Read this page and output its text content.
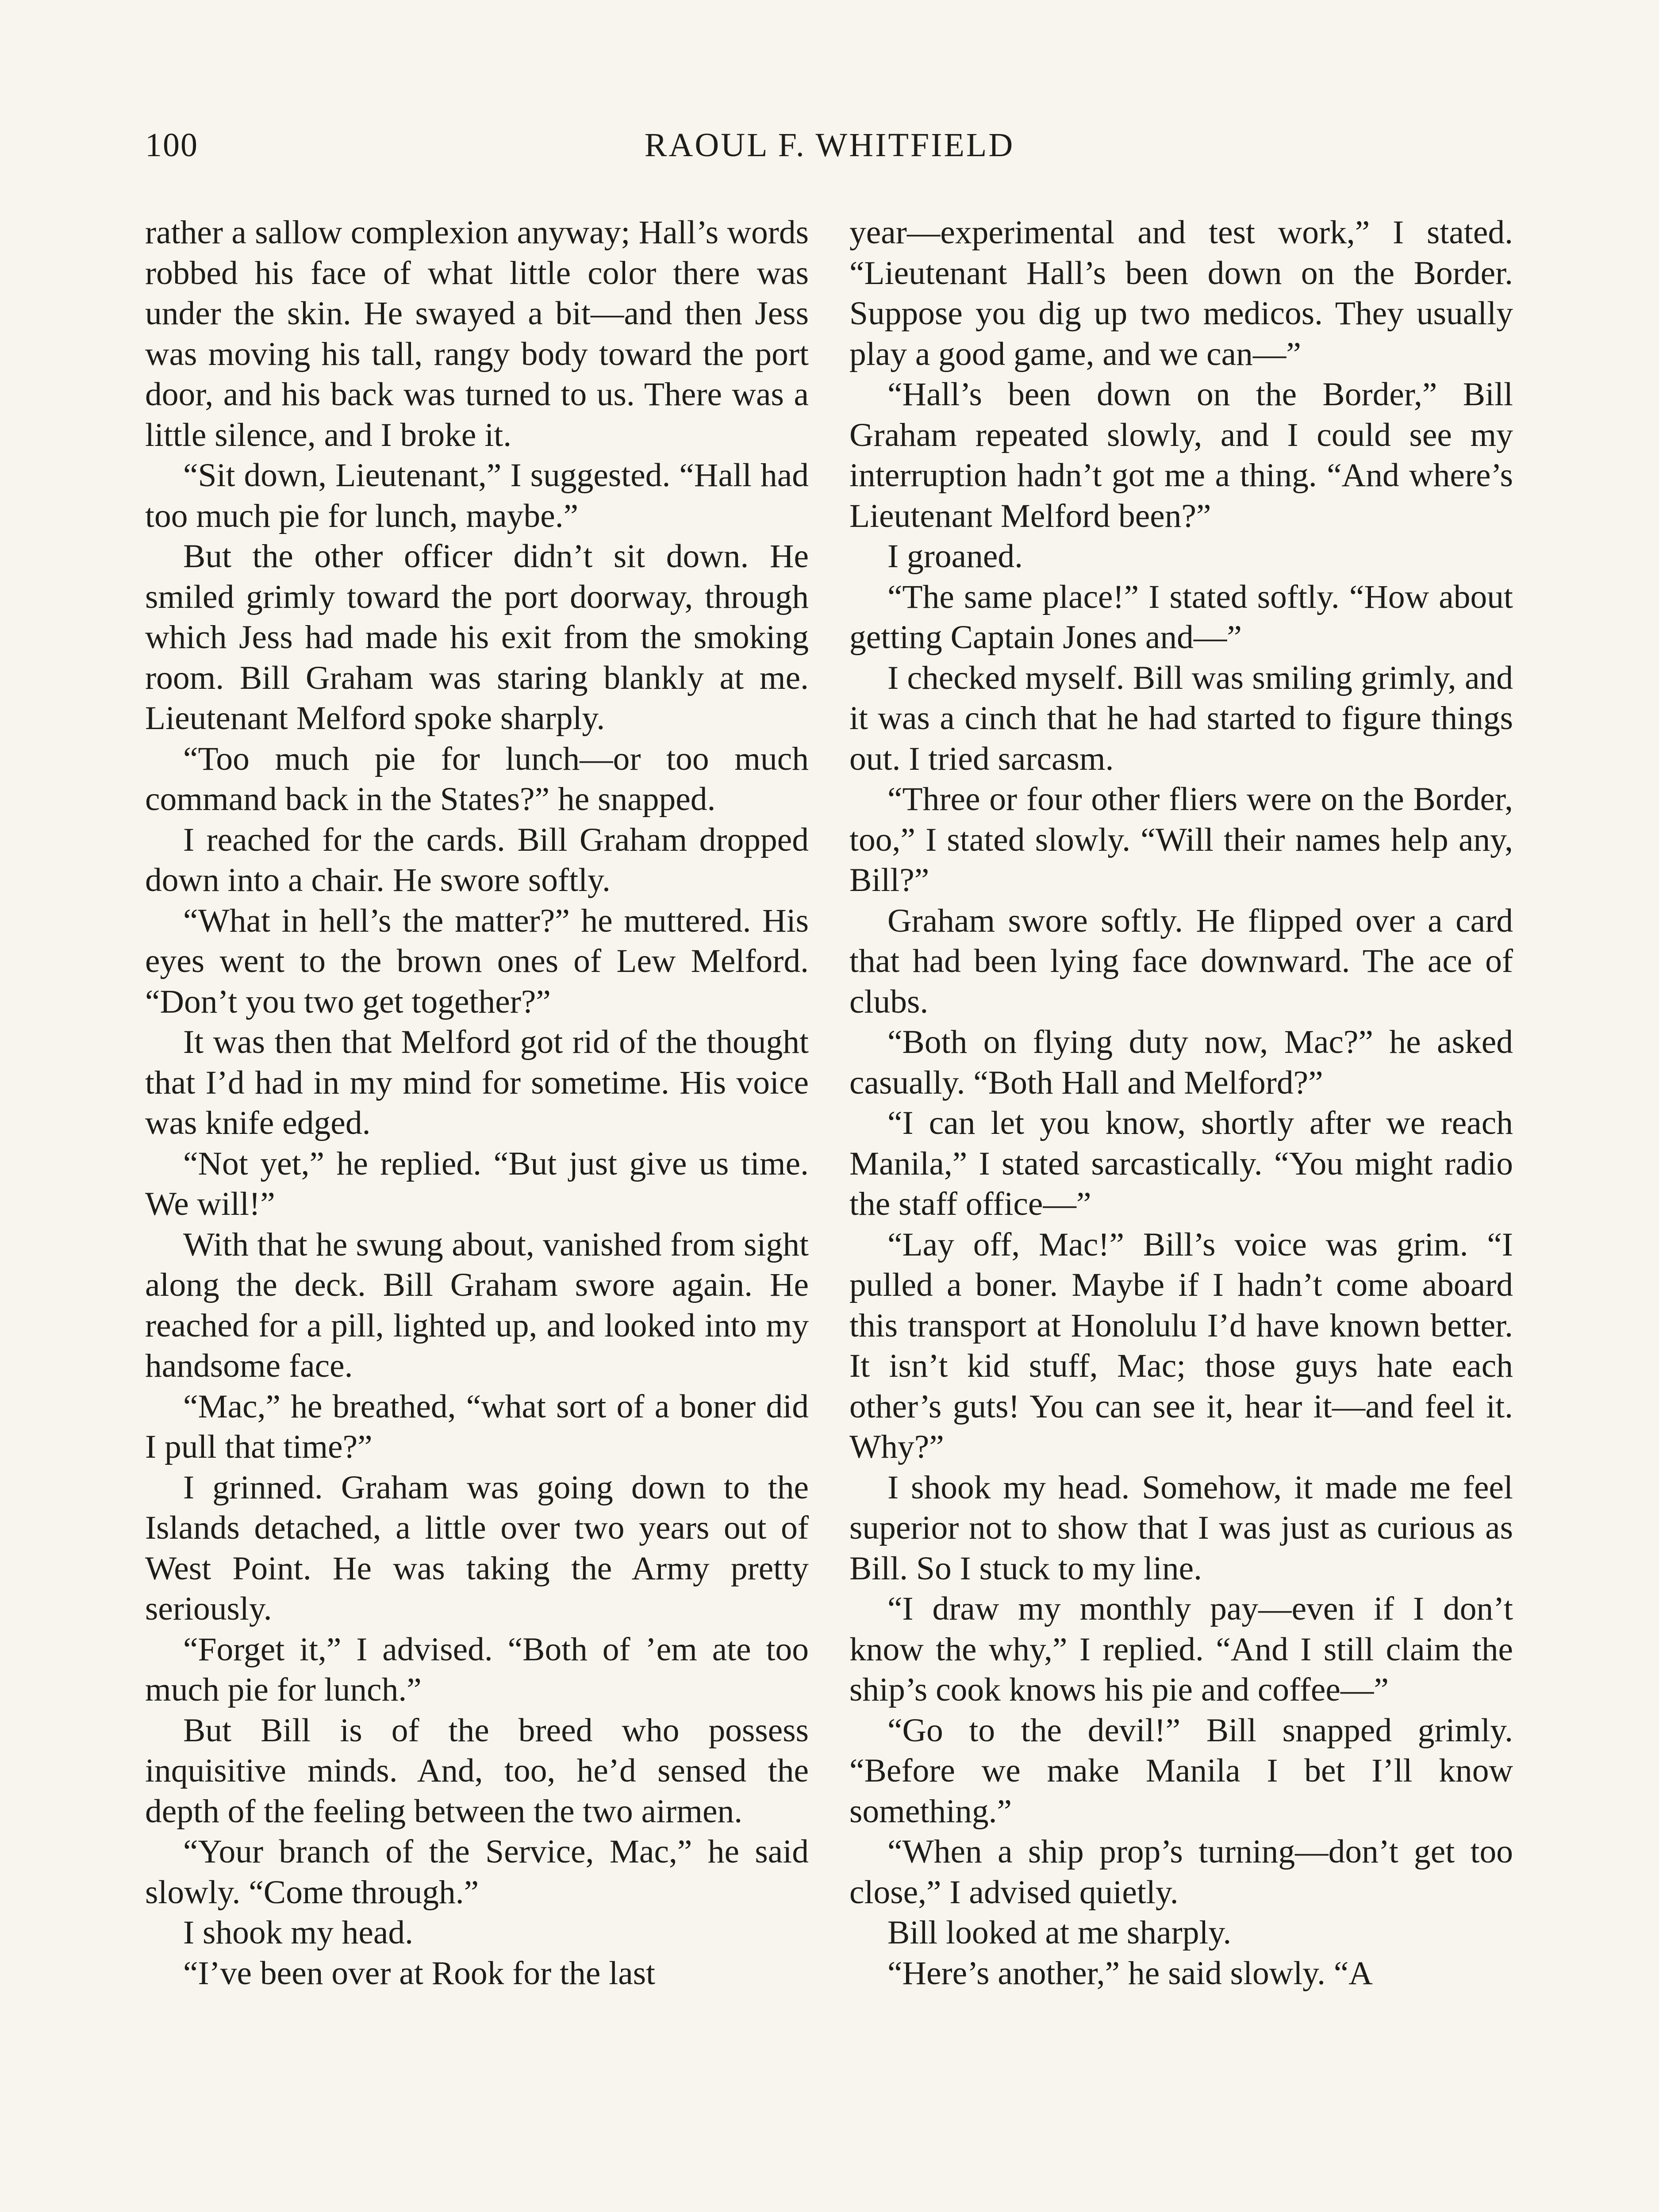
100	RAOUL F. WHITFIELD

rather a sallow complexion anyway; Hall’s words robbed his face of what little color there was under the skin. He swayed a bit—and then Jess was moving his tall, rangy body toward the port door, and his back was turned to us. There was a little silence, and I broke it.

“Sit down, Lieutenant,” I suggested. “Hall had too much pie for lunch, maybe.”

But the other officer didn’t sit down. He smiled grimly toward the port doorway, through which Jess had made his exit from the smoking room. Bill Graham was staring blankly at me. Lieutenant Melford spoke sharply.

“Too much pie for lunch—or too much command back in the States?” he snapped.

I reached for the cards. Bill Graham dropped down into a chair. He swore softly.

“What in hell’s the matter?” he muttered. His eyes went to the brown ones of Lew Melford. “Don’t you two get together?”

It was then that Melford got rid of the thought that I’d had in my mind for sometime. His voice was knife edged.

“Not yet,” he replied. “But just give us time. We will!”

With that he swung about, vanished from sight along the deck. Bill Graham swore again. He reached for a pill, lighted up, and looked into my handsome face.

“Mac,” he breathed, “what sort of a boner did I pull that time?”

I grinned. Graham was going down to the Islands detached, a little over two years out of West Point. He was taking the Army pretty seriously.

“Forget it,” I advised. “Both of ’em ate too much pie for lunch.”

But Bill is of the breed who possess inquisitive minds. And, too, he’d sensed the depth of the feeling between the two airmen.

“Your branch of the Service, Mac,” he said slowly. “Come through.”

I shook my head.

“I’ve been over at Rook for the last

year—experimental and test work,” I stated. “Lieutenant Hall’s been down on the Border. Suppose you dig up two medicos. They usually play a good game, and we can—”

“Hall’s been down on the Border,” Bill Graham repeated slowly, and I could see my interruption hadn’t got me a thing. “And where’s Lieutenant Melford been?”

I groaned.

“The same place!” I stated softly. “How about getting Captain Jones and—”

I checked myself. Bill was smiling grimly, and it was a cinch that he had started to figure things out. I tried sarcasm.

“Three or four other fliers were on the Border, too,” I stated slowly. “Will their names help any, Bill?”

Graham swore softly. He flipped over a card that had been lying face downward. The ace of clubs.

“Both on flying duty now, Mac?” he asked casually. “Both Hall and Melford?”

“I can let you know, shortly after we reach Manila,” I stated sarcastically. “You might radio the staff office—”

“Lay off, Mac!” Bill’s voice was grim. “I pulled a boner. Maybe if I hadn’t come aboard this transport at Honolulu I’d have known better. It isn’t kid stuff, Mac; those guys hate each other’s guts! You can see it, hear it—and feel it. Why?”

I shook my head. Somehow, it made me feel superior not to show that I was just as curious as Bill. So I stuck to my line.

“I draw my monthly pay—even if I don’t know the why,” I replied. “And I still claim the ship’s cook knows his pie and coffee—”

“Go to the devil!” Bill snapped grimly. “Before we make Manila I bet I’ll know something.”

“When a ship prop’s turning—don’t get too close,” I advised quietly.

Bill looked at me sharply.

“Here’s another,” he said slowly. “A
